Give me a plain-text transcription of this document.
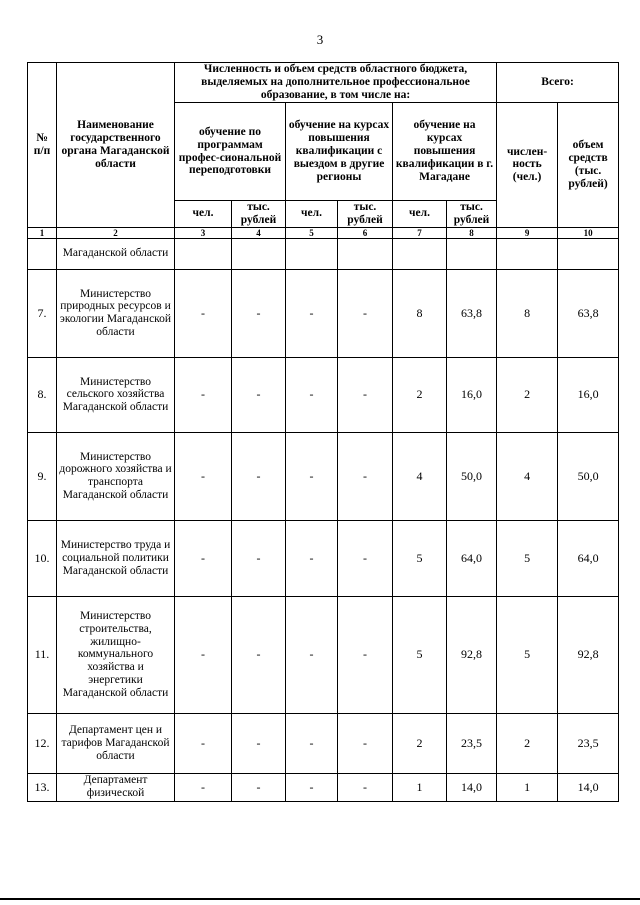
3
№ п/п	Наименование государственного органа Магаданской области	Численность и объем средств областного бюджета, выделяемых на дополнительное профессиональное образование, в том числе на:						Всего:	
		обучение по программам профес-сиональной переподготовки		обучение на курсах повышения квалификации с выездом в другие регионы		обучение на курсах повышения квалификации в г. Магадане		числен-ность (чел.)	объем средств (тыс. рублей)
		чел.	тыс. рублей	чел.	тыс. рублей	чел.	тыс. рублей		
1	2	3	4	5	6	7	8	9	10
	Магаданской области								
7.	Министерство природных ресурсов и экологии Магаданской области	-	-	-	-	8	63,8	8	63,8
8.	Министерство сельского хозяйства Магаданской области	-	-	-	-	2	16,0	2	16,0
9.	Министерство дорожного хозяйства и транспорта Магаданской области	-	-	-	-	4	50,0	4	50,0
10.	Министерство труда и социальной политики Магаданской области	-	-	-	-	5	64,0	5	64,0
11.	Министерство строительства, жилищно-коммунального хозяйства и энергетики Магаданской области	-	-	-	-	5	92,8	5	92,8
12.	Департамент цен и тарифов Магаданской области	-	-	-	-	2	23,5	2	23,5
13.	Департамент физической	-	-	-	-	1	14,0	1	14,0
